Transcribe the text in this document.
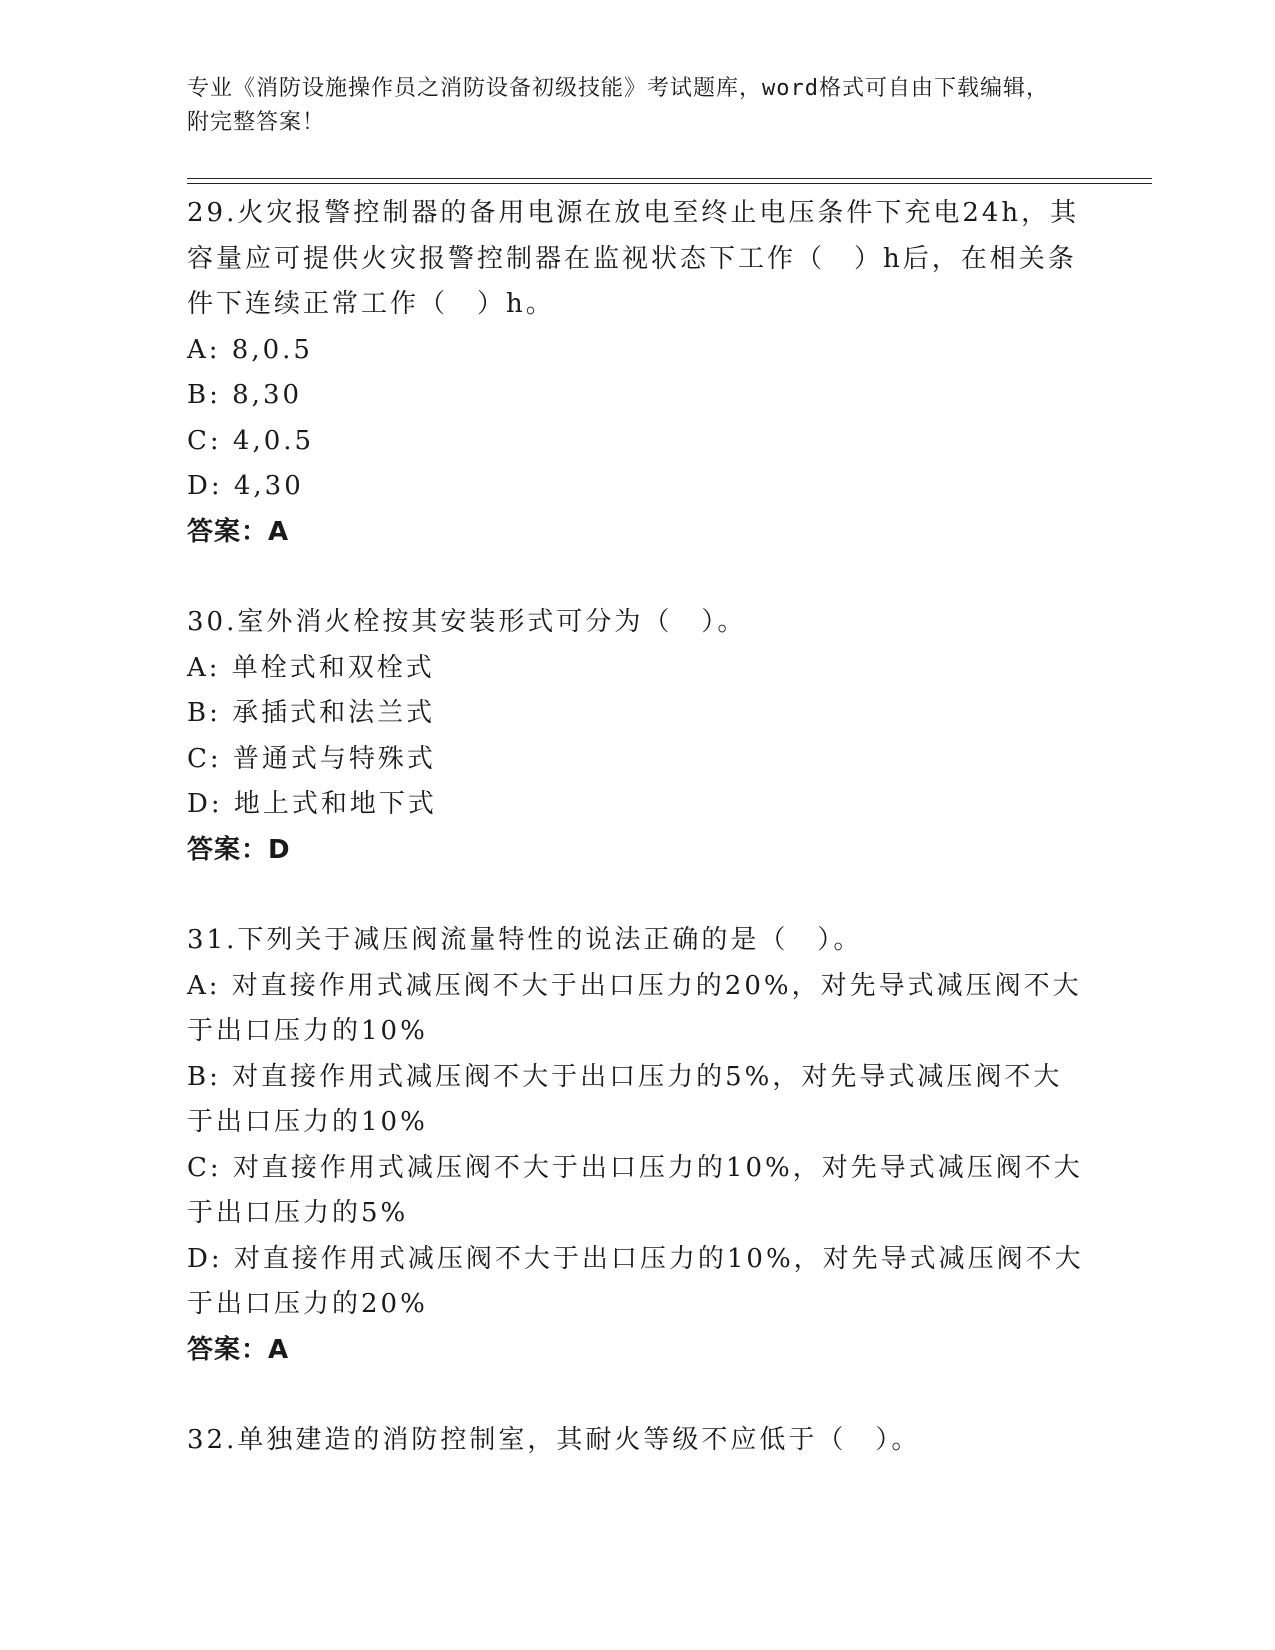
专业《消防设施操作员之消防设备初级技能》考试题库，word格式可自由下载编辑，附完整答案！

29.火灾报警控制器的备用电源在放电至终止电压条件下充电24h，其容量应可提供火灾报警控制器在监视状态下工作（　）h后，在相关条件下连续正常工作（　）h。

A: 8,0.5

B: 8,30

C: 4,0.5

D: 4,30

答案：A

30.室外消火栓按其安装形式可分为（　）。

A: 单栓式和双栓式

B: 承插式和法兰式

C: 普通式与特殊式

D: 地上式和地下式

答案：D

31.下列关于减压阀流量特性的说法正确的是（　）。

A: 对直接作用式减压阀不大于出口压力的20%，对先导式减压阀不大于出口压力的10%

B: 对直接作用式减压阀不大于出口压力的5%，对先导式减压阀不大于出口压力的10%

C: 对直接作用式减压阀不大于出口压力的10%，对先导式减压阀不大于出口压力的5%

D: 对直接作用式减压阀不大于出口压力的10%，对先导式减压阀不大于出口压力的20%

答案：A

32.单独建造的消防控制室，其耐火等级不应低于（　）。
